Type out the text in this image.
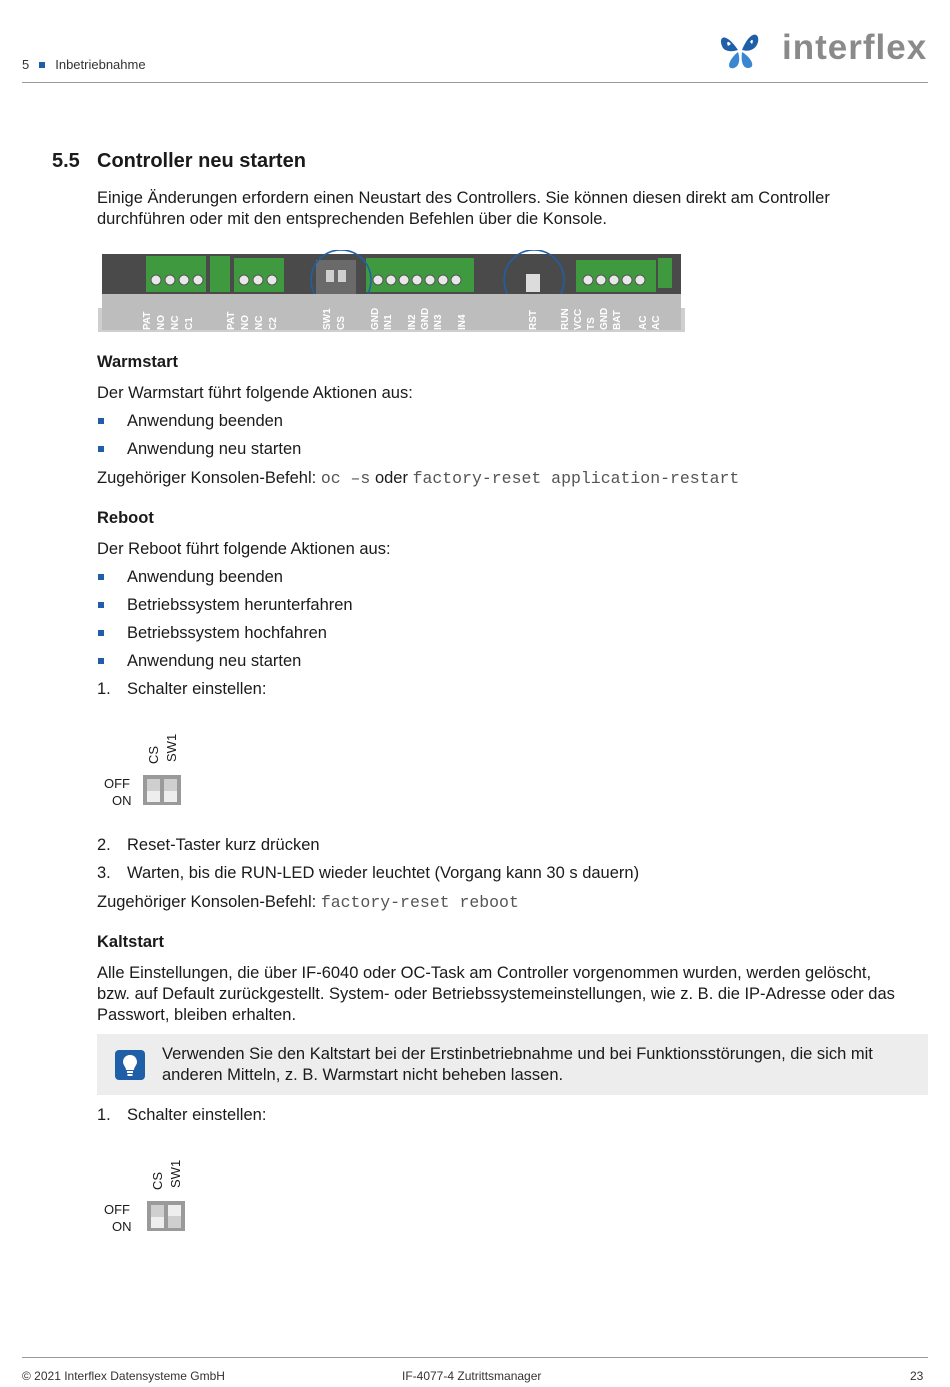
5 Inbetriebnahme	interflex
5.5 Controller neu starten
Einige Änderungen erfordern einen Neustart des Controllers. Sie können diesen direkt am Controller durchführen oder mit den entsprechenden Befehlen über die Konsole.
PAT NO NC C1	PAT NO NC C2	SW1 CS GND IN1 IN2 GND IN3 IN4	RST RUN VCC TS GND BAT AC AC
Warmstart
Der Warmstart führt folgende Aktionen aus:
Anwendung beenden
Anwendung neu starten
Zugehöriger Konsolen-Befehl: oc –s oder factory-reset application-restart
Reboot
Der Reboot führt folgende Aktionen aus:
Anwendung beenden
Betriebssystem herunterfahren
Betriebssystem hochfahren
Anwendung neu starten
1. Schalter einstellen:
CS SW1
OFF
ON
2. Reset-Taster kurz drücken
3. Warten, bis die RUN-LED wieder leuchtet (Vorgang kann 30 s dauern)
Zugehöriger Konsolen-Befehl: factory-reset reboot
Kaltstart
Alle Einstellungen, die über IF-6040 oder OC-Task am Controller vorgenommen wurden, werden gelöscht, bzw. auf Default zurückgestellt. System- oder Betriebssystemeinstellungen, wie z. B. die IP-Adresse oder das Passwort, bleiben erhalten.
Verwenden Sie den Kaltstart bei der Erstinbetriebnahme und bei Funktionsstörungen, die sich mit anderen Mitteln, z. B. Warmstart nicht beheben lassen.
1. Schalter einstellen:
CS SW1
OFF
ON
© 2021 Interflex Datensysteme GmbH	IF-4077-4 Zutrittsmanager	23
